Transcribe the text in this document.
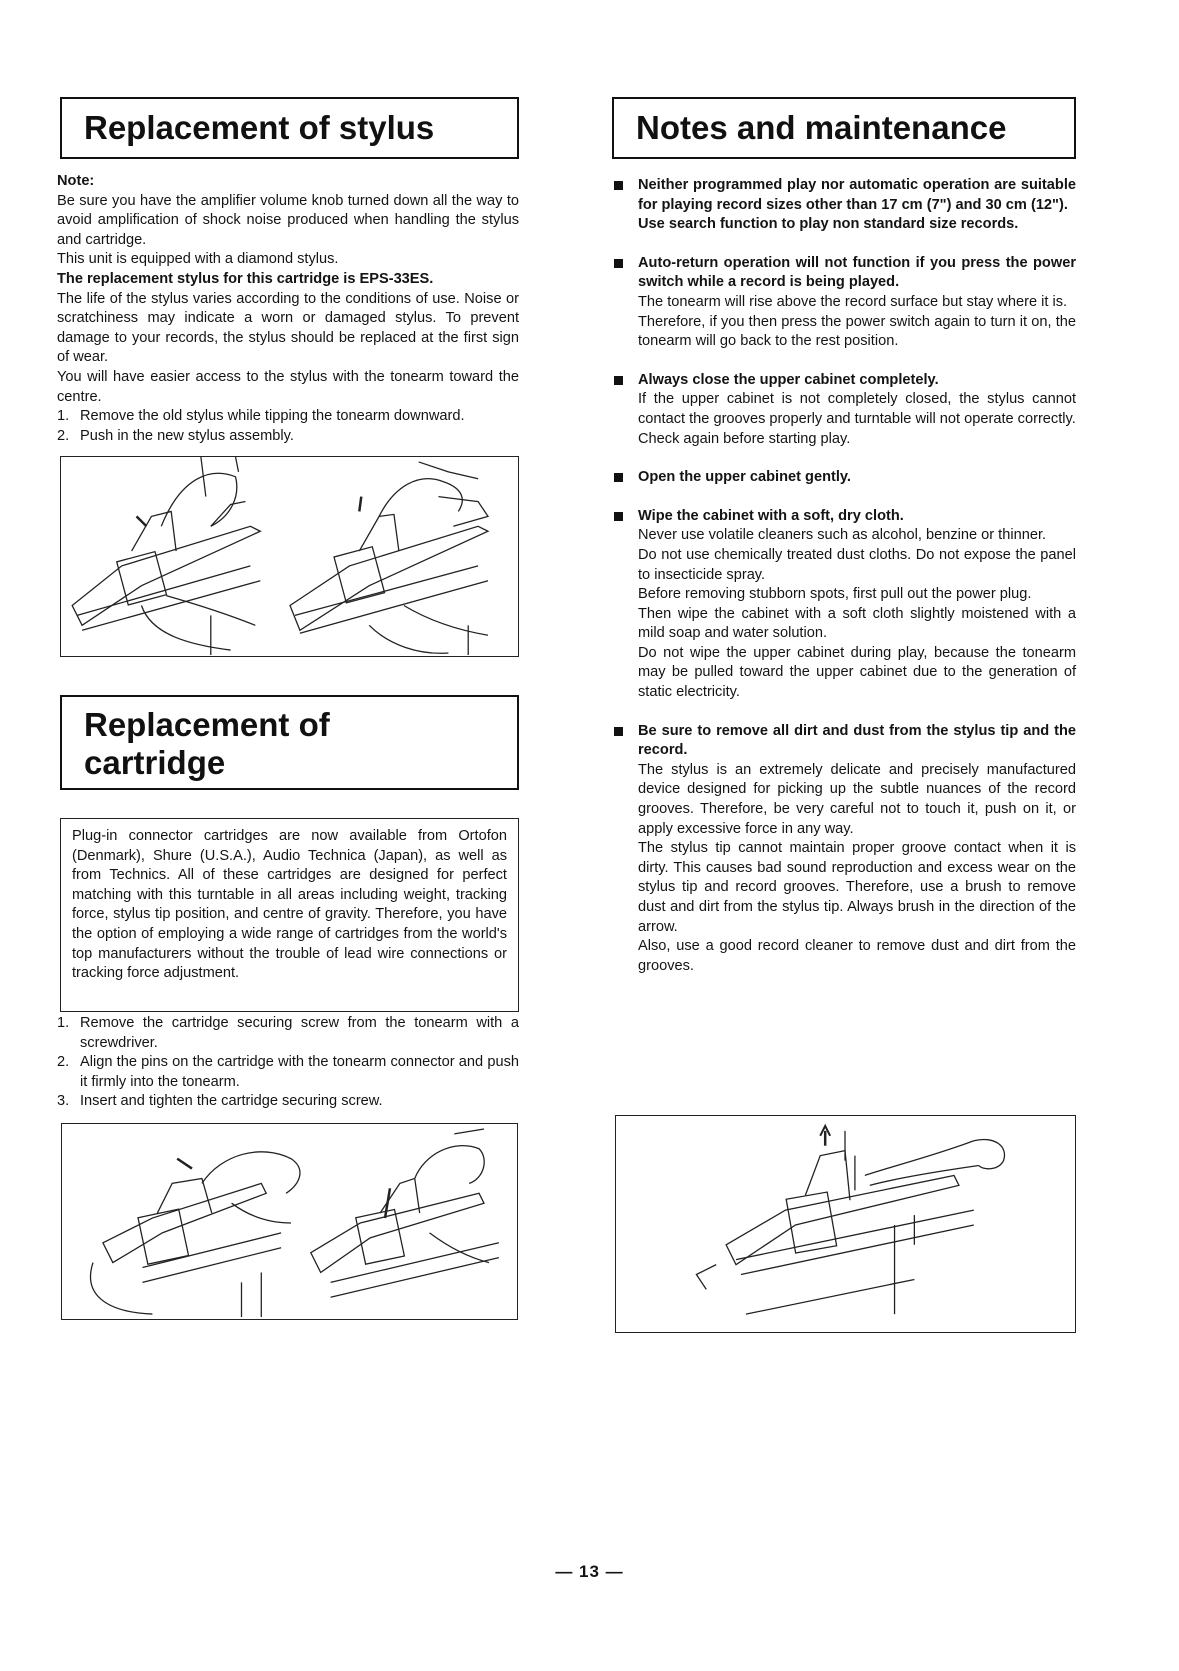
Replacement of stylus

Note:

Be sure you have the amplifier volume knob turned down all the way to avoid amplification of shock noise produced when handling the stylus and cartridge.

This unit is equipped with a diamond stylus.

The replacement stylus for this cartridge is EPS-33ES.

The life of the stylus varies according to the conditions of use. Noise or scratchiness may indicate a worn or damaged stylus. To prevent damage to your records, the stylus should be replaced at the first sign of wear.

You will have easier access to the stylus with the tonearm toward the centre.

1. Remove the old stylus while tipping the tonearm downward.
2. Push in the new stylus assembly.
Replacement of
cartridge

Plug-in connector cartridges are now available from Ortofon (Denmark), Shure (U.S.A.), Audio Technica (Japan), as well as from Technics. All of these cartridges are designed for perfect matching with this turntable in all areas including weight, tracking force, stylus tip position, and centre of gravity. Therefore, you have the option of employing a wide range of cartridges from the world's top manufacturers without the trouble of lead wire connections or tracking force adjustment.

1. Remove the cartridge securing screw from the tonearm with a screwdriver.
2. Align the pins on the cartridge with the tonearm connector and push it firmly into the tonearm.
3. Insert and tighten the cartridge securing screw.
Notes and maintenance

Neither programmed play nor automatic operation are suitable for playing record sizes other than 17 cm (7") and 30 cm (12").

Use search function to play non standard size records.

Auto-return operation will not function if you press the power switch while a record is being played.

The tonearm will rise above the record surface but stay where it is.

Therefore, if you then press the power switch again to turn it on, the tonearm will go back to the rest position.

Always close the upper cabinet completely.

If the upper cabinet is not completely closed, the stylus cannot contact the grooves properly and turntable will not operate correctly.

Check again before starting play.

Open the upper cabinet gently.

Wipe the cabinet with a soft, dry cloth.

Never use volatile cleaners such as alcohol, benzine or thinner.

Do not use chemically treated dust cloths. Do not expose the panel to insecticide spray.

Before removing stubborn spots, first pull out the power plug.

Then wipe the cabinet with a soft cloth slightly moistened with a mild soap and water solution.

Do not wipe the upper cabinet during play, because the tonearm may be pulled toward the upper cabinet due to the generation of static electricity.

Be sure to remove all dirt and dust from the stylus tip and the record.

The stylus is an extremely delicate and precisely manufactured device designed for picking up the subtle nuances of the record grooves. Therefore, be very careful not to touch it, push on it, or apply excessive force in any way.

The stylus tip cannot maintain proper groove contact when it is dirty. This causes bad sound reproduction and excess wear on the stylus tip and record grooves. Therefore, use a brush to remove dust and dirt from the stylus tip. Always brush in the direction of the arrow.

Also, use a good record cleaner to remove dust and dirt from the grooves.

— 13 —
